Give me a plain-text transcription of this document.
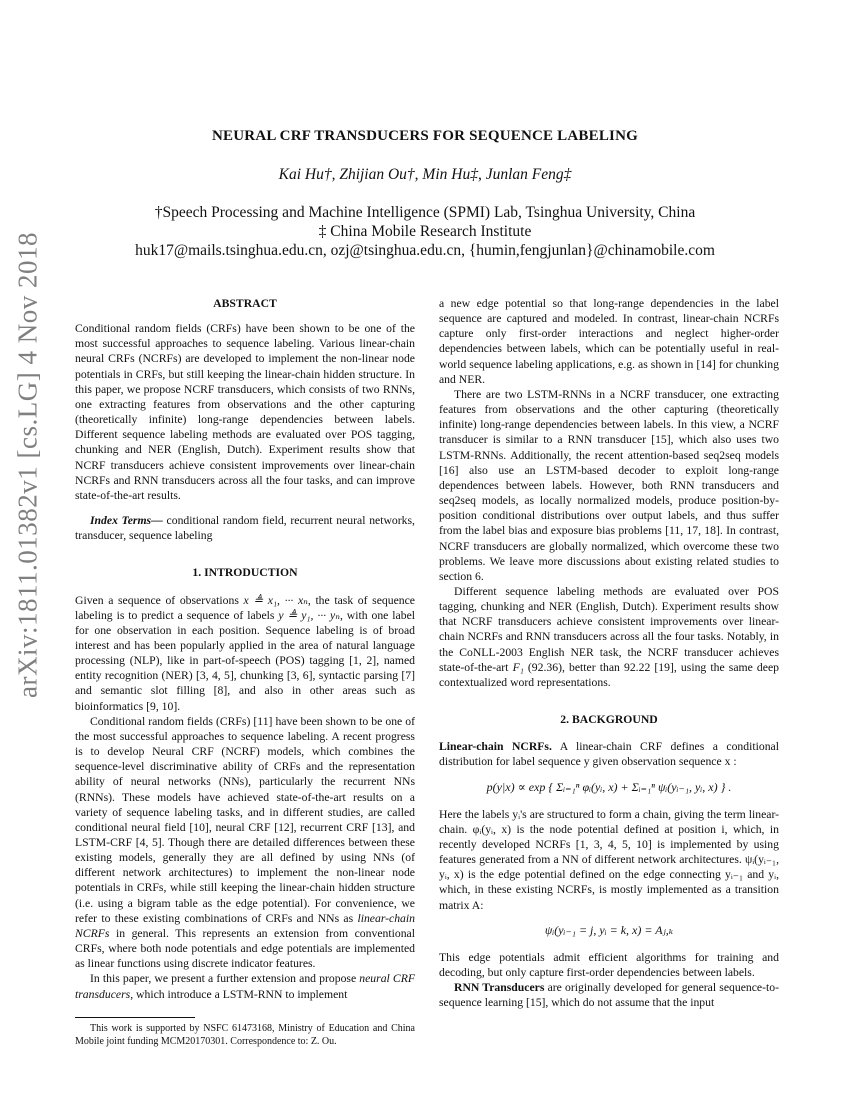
NEURAL CRF TRANSDUCERS FOR SEQUENCE LABELING
Kai Hu†, Zhijian Ou†, Min Hu‡, Junlan Feng‡
†Speech Processing and Machine Intelligence (SPMI) Lab, Tsinghua University, China
‡ China Mobile Research Institute
huk17@mails.tsinghua.edu.cn, ozj@tsinghua.edu.cn, {humin,fengjunlan}@chinamobile.com
arXiv:1811.01382v1 [cs.LG] 4 Nov 2018	ABSTRACT

Conditional random fields (CRFs) have been shown to be one of the most successful approaches to sequence labeling. Various linear-chain neural CRFs (NCRFs) are developed to implement the non-linear node potentials in CRFs, but still keeping the linear-chain hidden structure. In this paper, we propose NCRF transducers, which consists of two RNNs, one extracting features from observations and the other capturing (theoretically infinite) long-range dependencies between labels. Different sequence labeling methods are evaluated over POS tagging, chunking and NER (English, Dutch). Experiment results show that NCRF transducers achieve consistent improvements over linear-chain NCRFs and RNN transducers across all the four tasks, and can improve state-of-the-art results.

Index Terms— conditional random field, recurrent neural networks, transducer, sequence labeling

1. INTRODUCTION

Given a sequence of observations x ≜ x₁, ··· xₙ, the task of sequence labeling is to predict a sequence of labels y ≜ y₁, ··· yₙ, with one label for one observation in each position. Sequence labeling is of broad interest and has been popularly applied in the area of natural language processing (NLP), like in part-of-speech (POS) tagging [1, 2], named entity recognition (NER) [3, 4, 5], chunking [3, 6], syntactic parsing [7] and semantic slot filling [8], and also in other areas such as bioinformatics [9, 10].

Conditional random fields (CRFs) [11] have been shown to be one of the most successful approaches to sequence labeling. A recent progress is to develop Neural CRF (NCRF) models, which combines the sequence-level discriminative ability of CRFs and the representation ability of neural networks (NNs), particularly the recurrent NNs (RNNs). These models have achieved state-of-the-art results on a variety of sequence labeling tasks, and in different studies, are called conditional neural field [10], neural CRF [12], recurrent CRF [13], and LSTM-CRF [4, 5]. Though there are detailed differences between these existing models, generally they are all defined by using NNs (of different network architectures) to implement the non-linear node potentials in CRFs, while still keeping the linear-chain hidden structure (i.e. using a bigram table as the edge potential). For convenience, we refer to these existing combinations of CRFs and NNs as linear-chain NCRFs in general. This represents an extension from conventional CRFs, where both node potentials and edge potentials are implemented as linear functions using discrete indicator features.

In this paper, we present a further extension and propose neural CRF transducers, which introduce a LSTM-RNN to implement

This work is supported by NSFC 61473168, Ministry of Education and China Mobile joint funding MCM20170301. Correspondence to: Z. Ou.

a new edge potential so that long-range dependencies in the label sequence are captured and modeled. In contrast, linear-chain NCRFs capture only first-order interactions and neglect higher-order dependencies between labels, which can be potentially useful in real-world sequence labeling applications, e.g. as shown in [14] for chunking and NER.

There are two LSTM-RNNs in a NCRF transducer, one extracting features from observations and the other capturing (theoretically infinite) long-range dependencies between labels. In this view, a NCRF transducer is similar to a RNN transducer [15], which also uses two LSTM-RNNs. Additionally, the recent attention-based seq2seq models [16] also use an LSTM-based decoder to exploit long-range dependences between labels. However, both RNN transducers and seq2seq models, as locally normalized models, produce position-by-position conditional distributions over output labels, and thus suffer from the label bias and exposure bias problems [11, 17, 18]. In contrast, NCRF transducers are globally normalized, which overcome these two problems. We leave more discussions about existing related studies to section 6.

Different sequence labeling methods are evaluated over POS tagging, chunking and NER (English, Dutch). Experiment results show that NCRF transducers achieve consistent improvements over linear-chain NCRFs and RNN transducers across all the four tasks. Notably, in the CoNLL-2003 English NER task, the NCRF transducer achieves state-of-the-art F₁ (92.36), better than 92.22 [19], using the same deep contextualized word representations.

2. BACKGROUND

Linear-chain NCRFs. A linear-chain CRF defines a conditional distribution for label sequence y given observation sequence x :

p(y|x) ∝ exp { Σᵢ₌₁ⁿ φᵢ(yᵢ, x) + Σᵢ₌₁ⁿ ψᵢ(yᵢ₋₁, yᵢ, x) } .

Here the labels yᵢ's are structured to form a chain, giving the term linear-chain. φᵢ(yᵢ, x) is the node potential defined at position i, which, in recently developed NCRFs [1, 3, 4, 5, 10] is implemented by using features generated from a NN of different network architectures. ψᵢ(yᵢ₋₁, yᵢ, x) is the edge potential defined on the edge connecting yᵢ₋₁ and yᵢ, which, in these existing NCRFs, is mostly implemented as a transition matrix A:

ψᵢ(yᵢ₋₁ = j, yᵢ = k, x) = Aⱼ,ₖ

This edge potentials admit efficient algorithms for training and decoding, but only capture first-order dependencies between labels.

RNN Transducers are originally developed for general sequence-to-sequence learning [15], which do not assume that the input
